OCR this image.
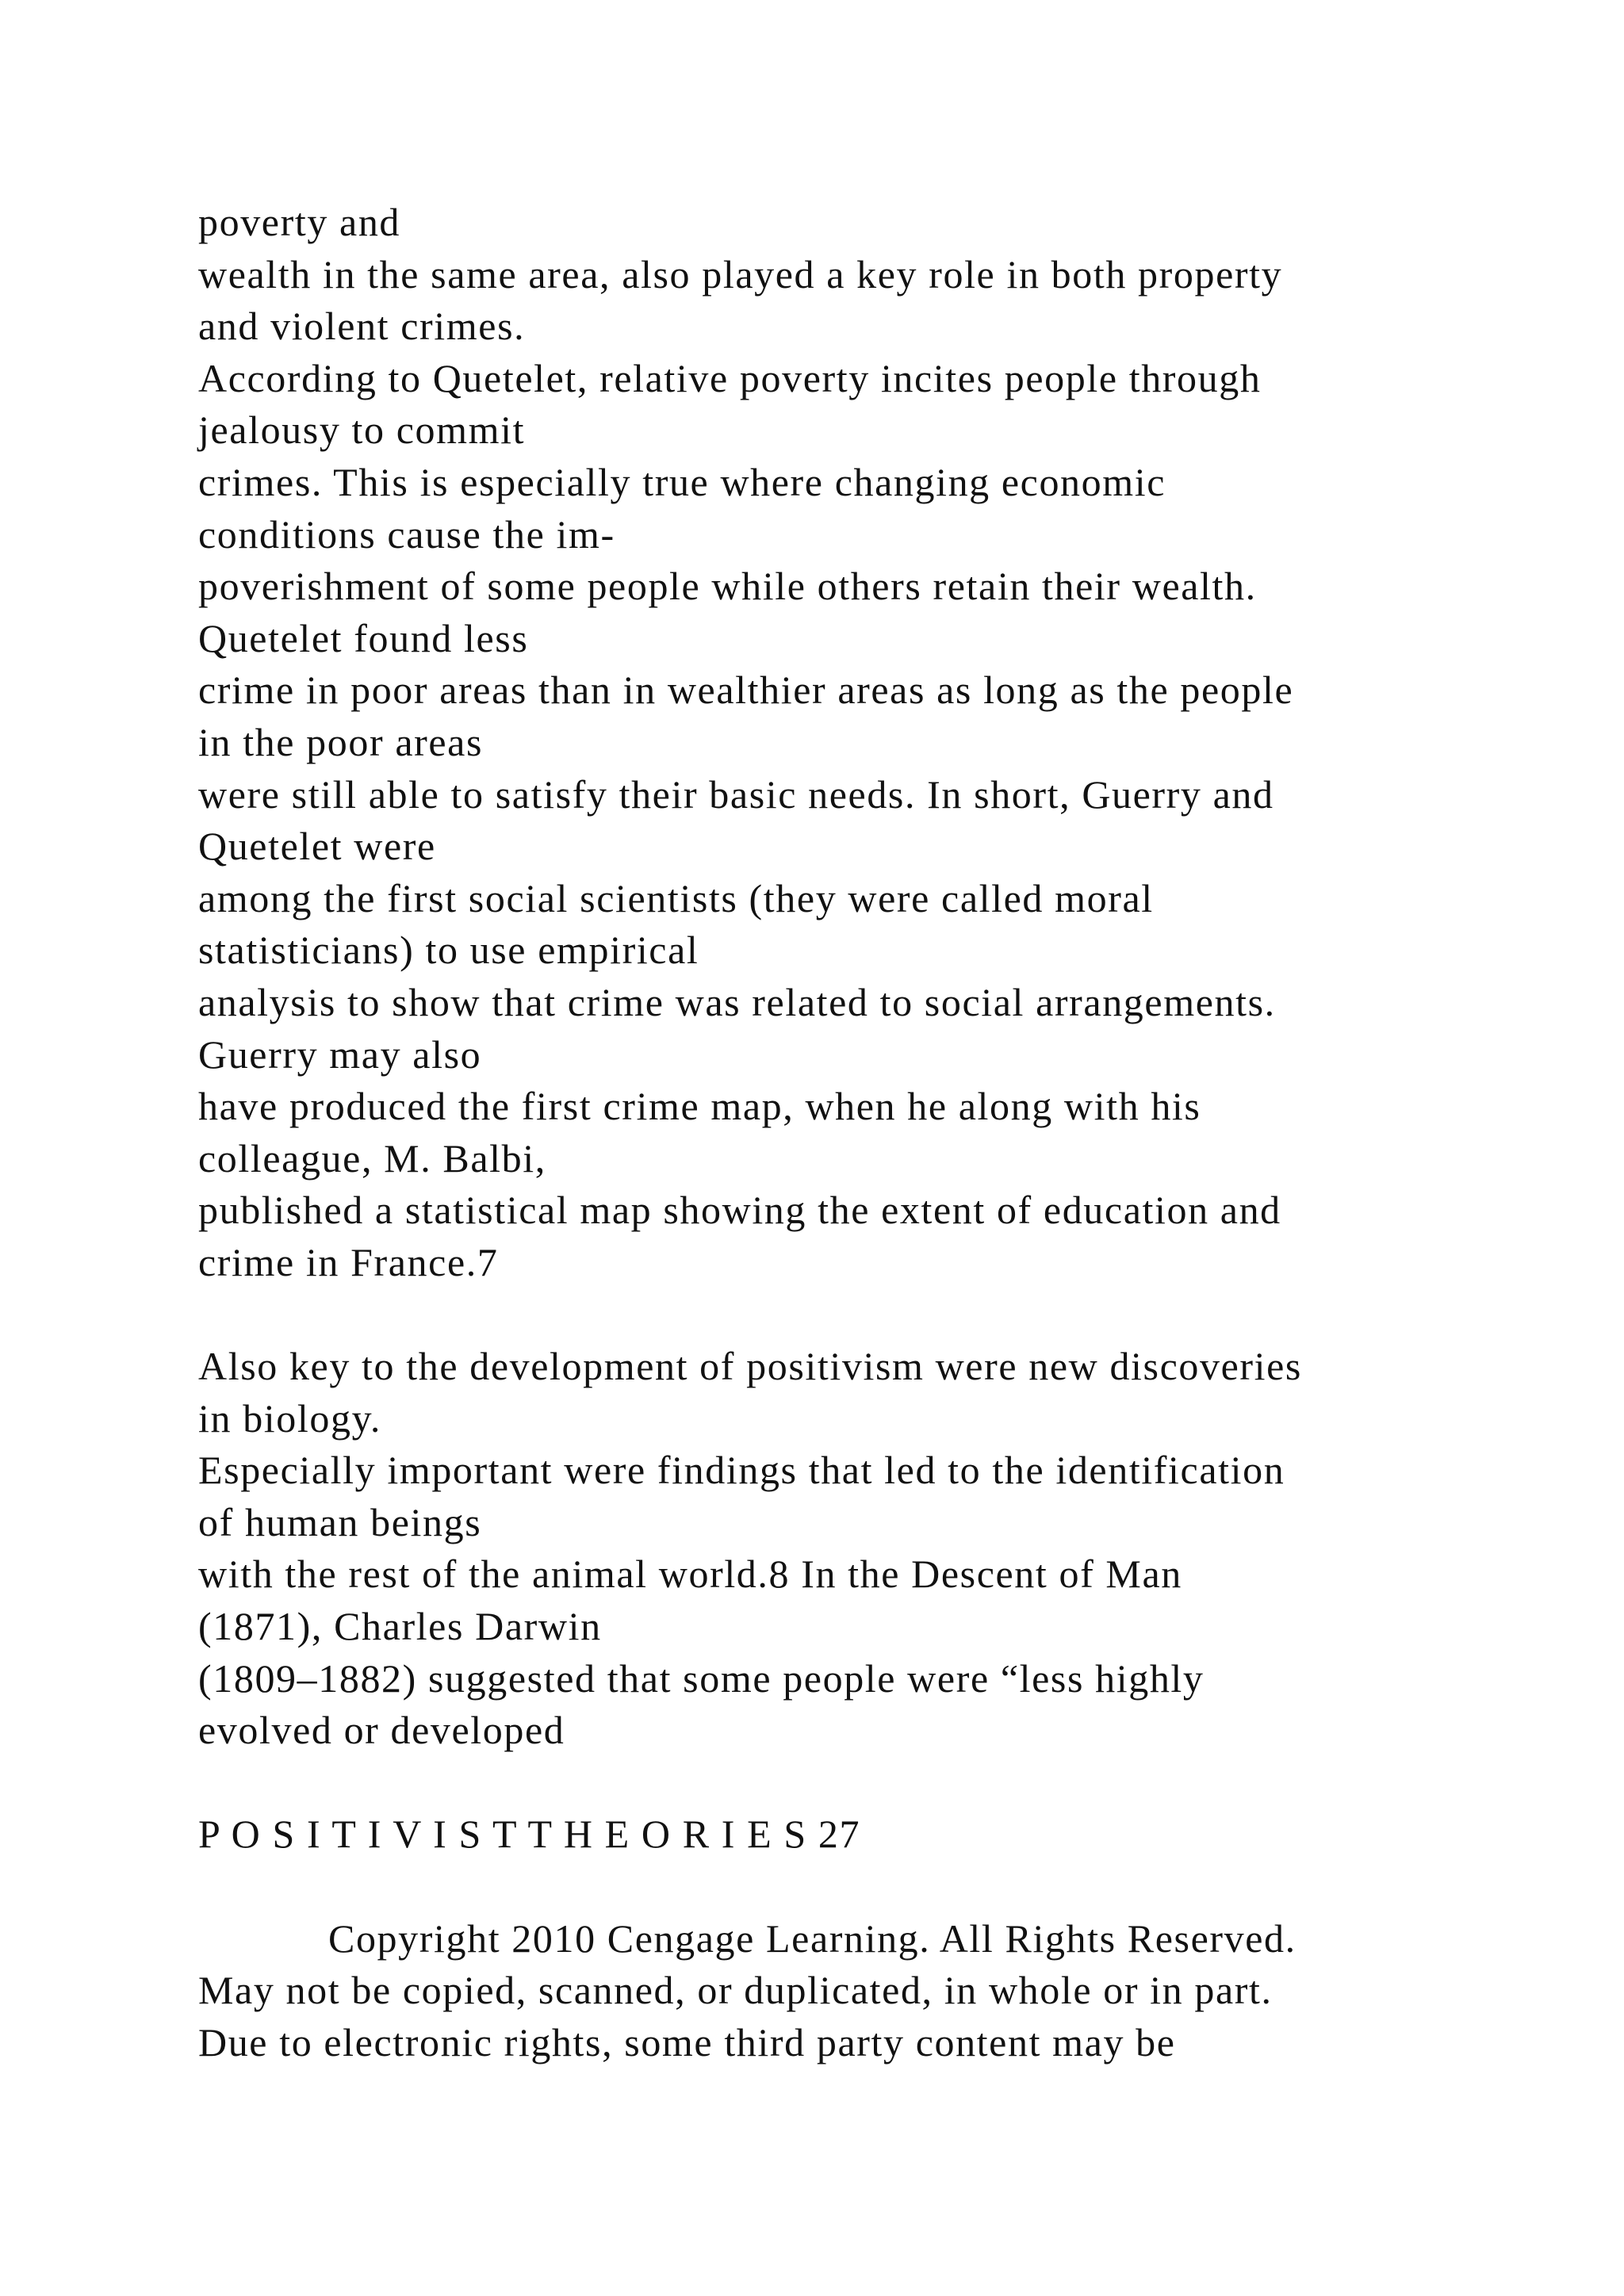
poverty and
wealth in the same area, also played a key role in both property
and violent crimes.
According to Quetelet, relative poverty incites people through
jealousy to commit
crimes. This is especially true where changing economic
conditions cause the im-
poverishment of some people while others retain their wealth.
Quetelet found less
crime in poor areas than in wealthier areas as long as the people
in the poor areas
were still able to satisfy their basic needs. In short, Guerry and
Quetelet were
among the first social scientists (they were called moral
statisticians) to use empirical
analysis to show that crime was related to social arrangements.
Guerry may also
have produced the first crime map, when he along with his
colleague, M. Balbi,
published a statistical map showing the extent of education and
crime in France.7
Also key to the development of positivism were new discoveries
in biology.
Especially important were findings that led to the identification
of human beings
with the rest of the animal world.8 In the Descent of Man
(1871), Charles Darwin
(1809–1882) suggested that some people were “less highly
evolved or developed
P O S I T I V I S T T H E O R I E S 27
Copyright 2010 Cengage Learning. All Rights Reserved.
May not be copied, scanned, or duplicated, in whole or in part.
Due to electronic rights, some third party content may be
